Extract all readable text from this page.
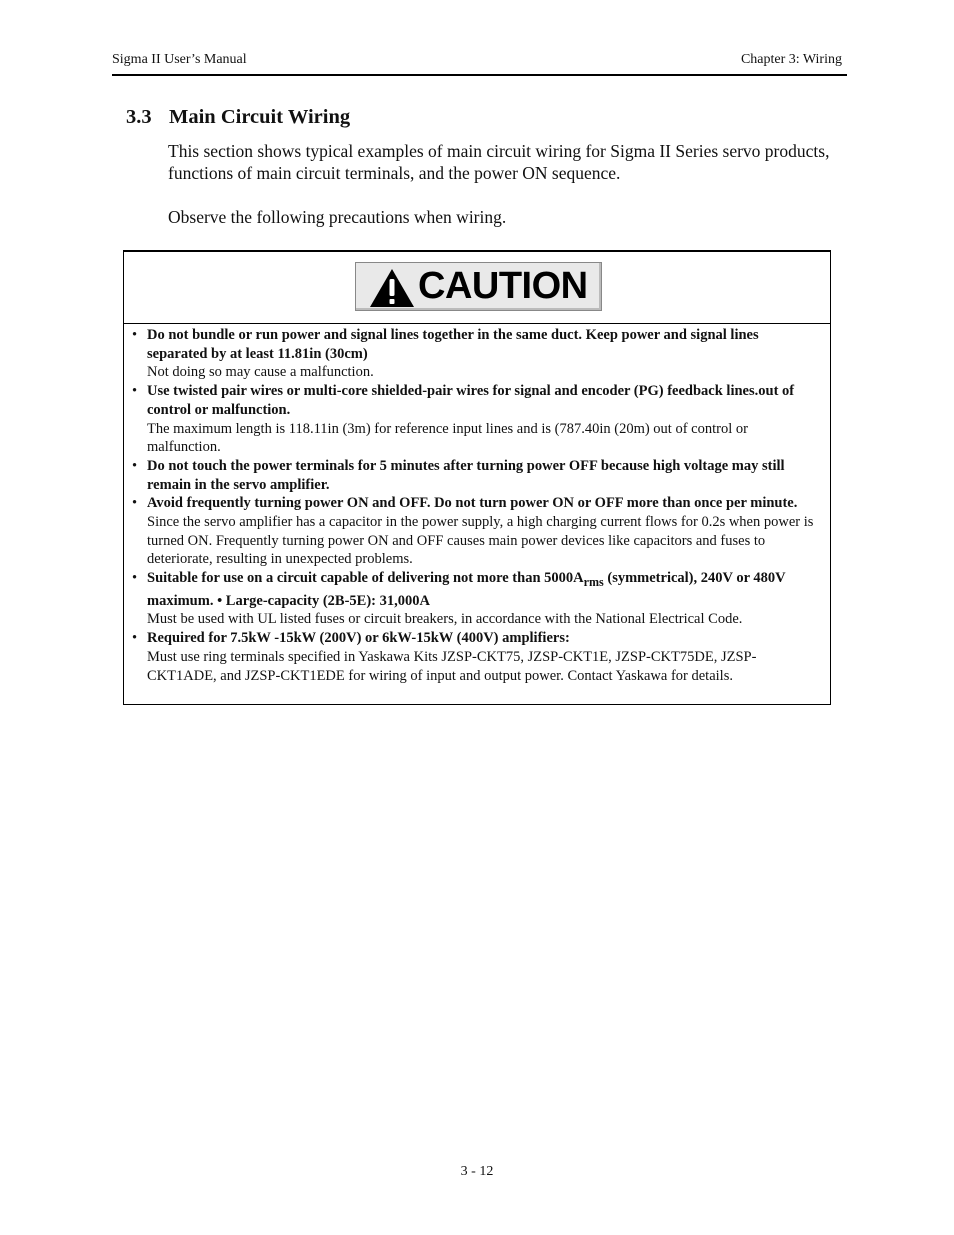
Sigma II User’s Manual	Chapter 3: Wiring
3.3 Main Circuit Wiring

This section shows typical examples of main circuit wiring for Sigma II Series servo products, functions of main circuit terminals, and the power ON sequence.

Observe the following precautions when wiring.

CAUTION
• Do not bundle or run power and signal lines together in the same duct. Keep power and signal lines separated by at least 11.81in (30cm)
Not doing so may cause a malfunction.
• Use twisted pair wires or multi-core shielded-pair wires for signal and encoder (PG) feedback lines.out of control or malfunction.
The maximum length is 118.11in (3m) for reference input lines and is (787.40in (20m) out of control or malfunction.
• Do not touch the power terminals for 5 minutes after turning power OFF because high voltage may still remain in the servo amplifier.
• Avoid frequently turning power ON and OFF. Do not turn power ON or OFF more than once per minute.
Since the servo amplifier has a capacitor in the power supply, a high charging current flows for 0.2s when power is turned ON. Frequently turning power ON and OFF causes main power devices like capacitors and fuses to deteriorate, resulting in unexpected problems.
• Suitable for use on a circuit capable of delivering not more than $5000A_{rms}$ (symmetrical), 240V or 480V maximum. • Large-capacity (2B-5E): 31,000A
Must be used with UL listed fuses or circuit breakers, in accordance with the National Electrical Code.
• Required for 7.5kW -15kW (200V) or 6kW-15kW (400V) amplifiers:
Must use ring terminals specified in Yaskawa Kits JZSP-CKT75, JZSP-CKT1E, JZSP-CKT75DE, JZSP-CKT1ADE, and JZSP-CKT1EDE for wiring of input and output power. Contact Yaskawa for details.
3 - 12
